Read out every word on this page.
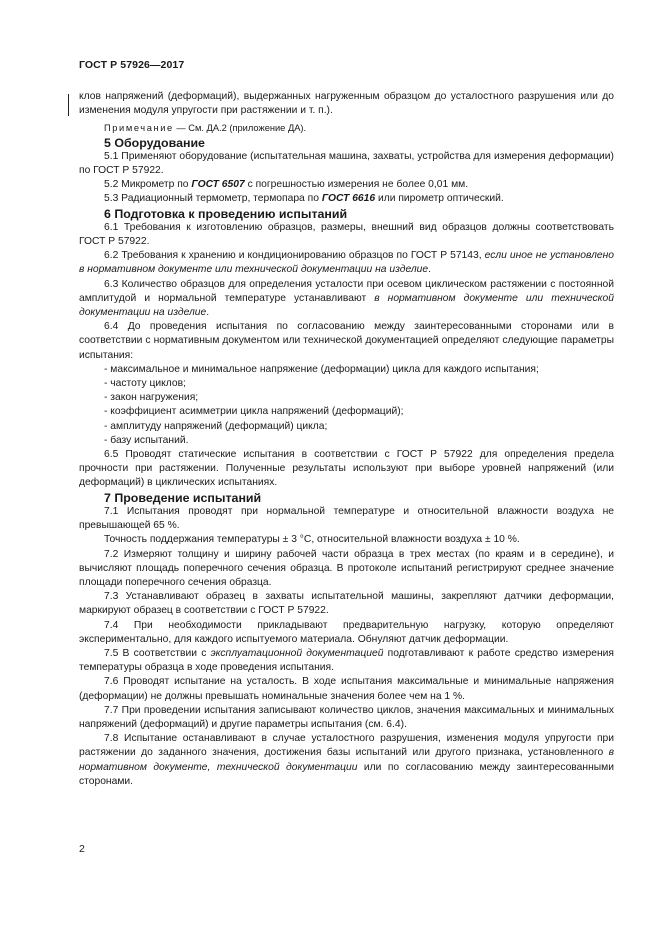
ГОСТ Р 57926—2017

клов напряжений (деформаций), выдержанных нагруженным образцом до усталостного разрушения или до изменения модуля упругости при растяжении и т. п.).

Примечание — См. ДА.2 (приложение ДА).

5 Оборудование

5.1 Применяют оборудование (испытательная машина, захваты, устройства для измерения деформации) по ГОСТ Р 57922.

5.2 Микрометр по ГОСТ 6507 с погрешностью измерения не более 0,01 мм.

5.3 Радиационный термометр, термопара по ГОСТ 6616 или пирометр оптический.

6 Подготовка к проведению испытаний

6.1 Требования к изготовлению образцов, размеры, внешний вид образцов должны соответствовать ГОСТ Р 57922.

6.2 Требования к хранению и кондиционированию образцов по ГОСТ Р 57143, если иное не установлено в нормативном документе или технической документации на изделие.

6.3 Количество образцов для определения усталости при осевом циклическом растяжении с постоянной амплитудой и нормальной температуре устанавливают в нормативном документе или технической документации на изделие.

6.4 До проведения испытания по согласованию между заинтересованными сторонами или в соответствии с нормативным документом или технической документацией определяют следующие параметры испытания:

- максимальное и минимальное напряжение (деформации) цикла для каждого испытания;

- частоту циклов;

- закон нагружения;

- коэффициент асимметрии цикла напряжений (деформаций);

- амплитуду напряжений (деформаций) цикла;

- базу испытаний.

6.5 Проводят статические испытания в соответствии с ГОСТ Р 57922 для определения предела прочности при растяжении. Полученные результаты используют при выборе уровней напряжений (или деформаций) в циклических испытаниях.

7 Проведение испытаний

7.1 Испытания проводят при нормальной температуре и относительной влажности воздуха не превышающей 65 %.

Точность поддержания температуры ± 3 °С, относительной влажности воздуха ± 10 %.

7.2 Измеряют толщину и ширину рабочей части образца в трех местах (по краям и в середине), и вычисляют площадь поперечного сечения образца. В протоколе испытаний регистрируют среднее значение площади поперечного сечения образца.

7.3 Устанавливают образец в захваты испытательной машины, закрепляют датчики деформации, маркируют образец в соответствии с ГОСТ Р 57922.

7.4 При необходимости прикладывают предварительную нагрузку, которую определяют экспериментально, для каждого испытуемого материала. Обнуляют датчик деформации.

7.5 В соответствии с эксплуатационной документацией подготавливают к работе средство измерения температуры образца в ходе проведения испытания.

7.6 Проводят испытание на усталость. В ходе испытания максимальные и минимальные напряжения (деформации) не должны превышать номинальные значения более чем на 1 %.

7.7 При проведении испытания записывают количество циклов, значения максимальных и минимальных напряжений (деформаций) и другие параметры испытания (см. 6.4).

7.8 Испытание останавливают в случае усталостного разрушения, изменения модуля упругости при растяжении до заданного значения, достижения базы испытаний или другого признака, установленного в нормативном документе, технической документации или по согласованию между заинтересованными сторонами.

2
